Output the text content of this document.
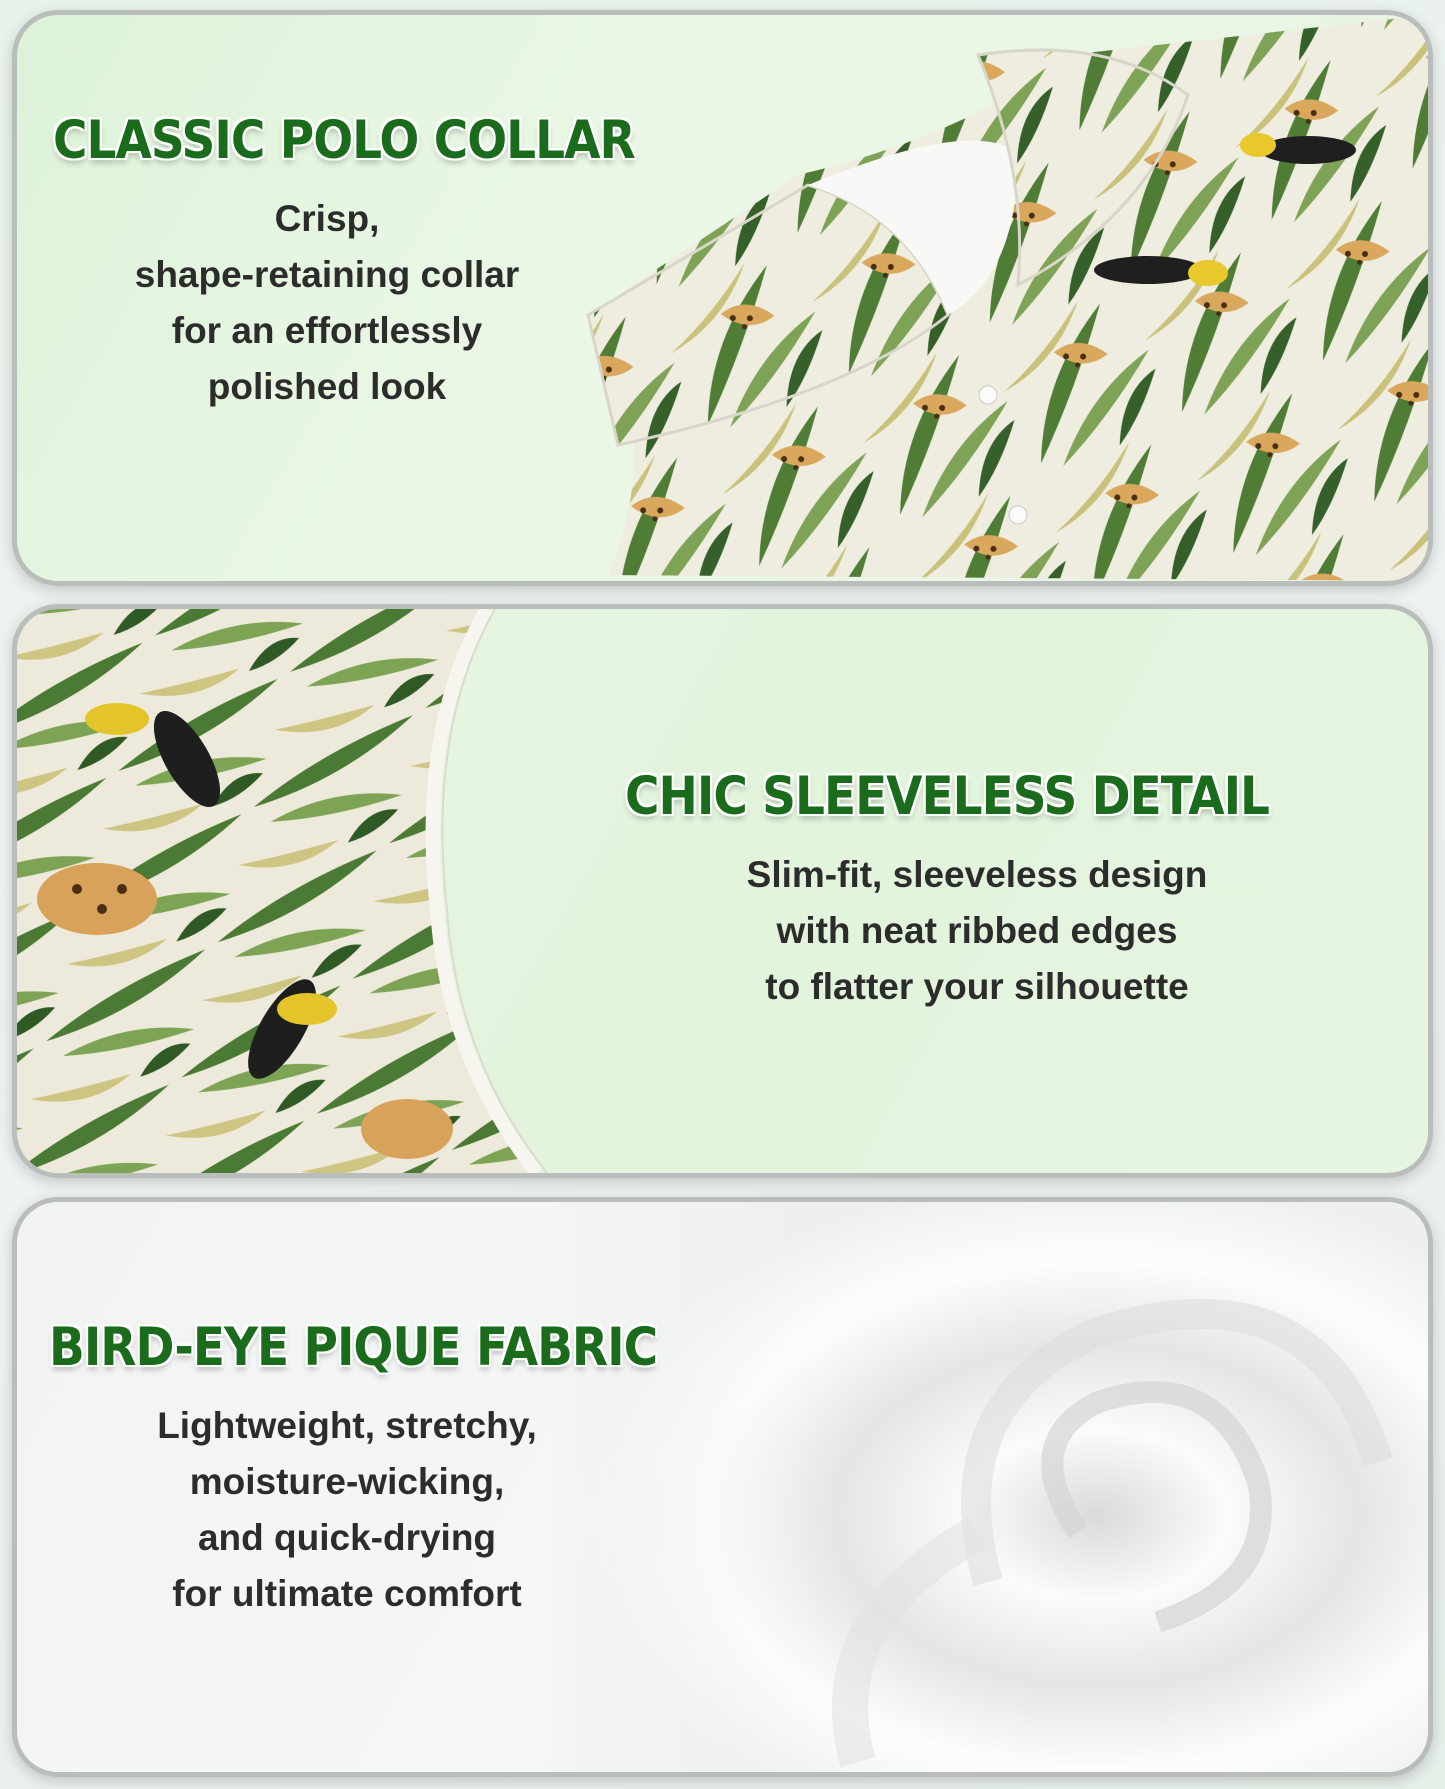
CLASSIC POLO COLLAR

Crisp,
shape-retaining collar
for an effortlessly
polished look

CHIC SLEEVELESS DETAIL

Slim-fit, sleeveless design
with neat ribbed edges
to flatter your silhouette

BIRD-EYE PIQUE FABRIC

Lightweight, stretchy,
moisture-wicking,
and quick-drying
for ultimate comfort
